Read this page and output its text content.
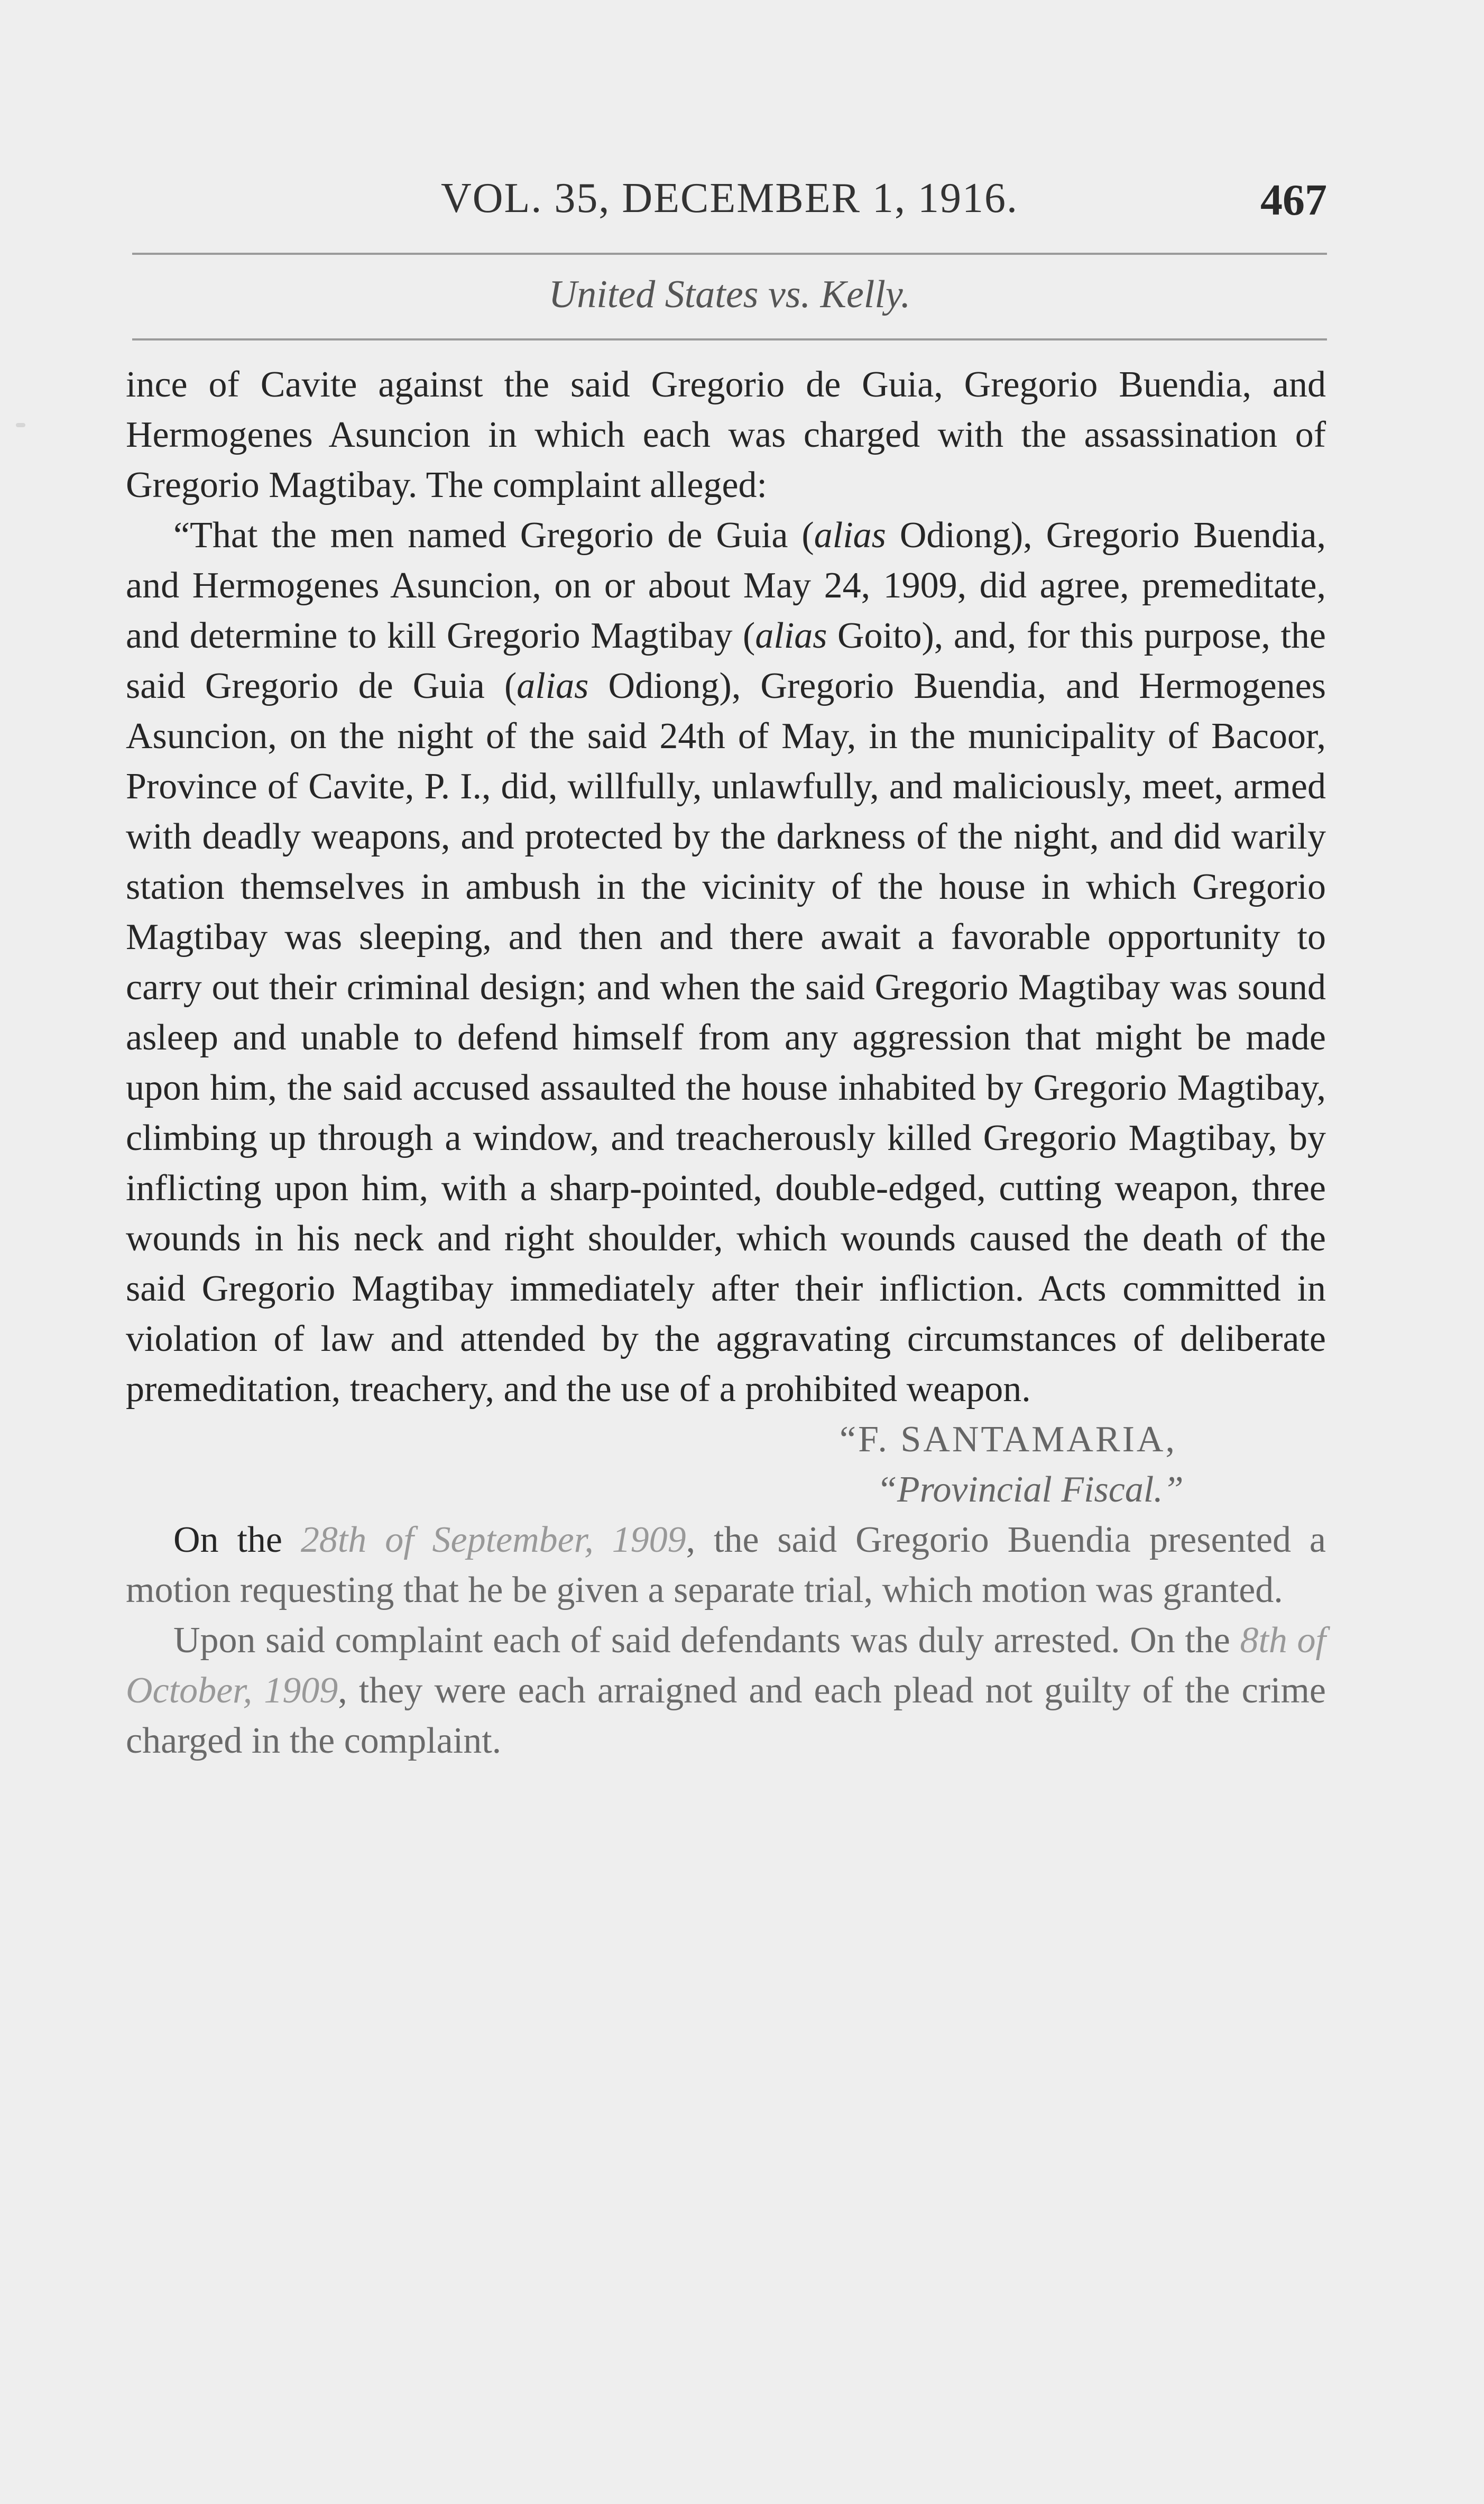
VOL. 35, DECEMBER 1, 1916.	467
United States vs. Kelly.

ince of Cavite against the said Gregorio de Guia, Gregorio Buendia, and Hermogenes Asuncion in which each was charged with the assassination of Gregorio Magtibay. The complaint alleged:

“That the men named Gregorio de Guia (alias Odiong), Gregorio Buendia, and Hermogenes Asuncion, on or about May 24, 1909, did agree, premeditate, and determine to kill Gregorio Magtibay (alias Goito), and, for this purpose, the said Gregorio de Guia (alias Odiong), Gregorio Buendia, and Hermogenes Asuncion, on the night of the said 24th of May, in the municipality of Bacoor, Province of Cavite, P. I., did, willfully, unlawfully, and maliciously, meet, armed with deadly weapons, and protected by the darkness of the night, and did warily station themselves in ambush in the vicinity of the house in which Gregorio Magtibay was sleeping, and then and there await a favorable opportunity to carry out their criminal design; and when the said Gregorio Magtibay was sound asleep and unable to defend himself from any aggression that might be made upon him, the said accused assaulted the house inhabited by Gregorio Magtibay, climbing up through a window, and treacherously killed Gregorio Magtibay, by inflicting upon him, with a sharp-pointed, double-edged, cutting weapon, three wounds in his neck and right shoulder, which wounds caused the death of the said Gregorio Magtibay immediately after their infliction. Acts committed in violation of law and attended by the aggravating circumstances of deliberate premeditation, treachery, and the use of a prohibited weapon.

“F. SANTAMARIA,

“Provincial Fiscal.”

On the 28th of September, 1909, the said Gregorio Buendia presented a motion requesting that he be given a separate trial, which motion was granted.

Upon said complaint each of said defendants was duly arrested. On the 8th of October, 1909, they were each arraigned and each plead not guilty of the crime charged in the complaint.
